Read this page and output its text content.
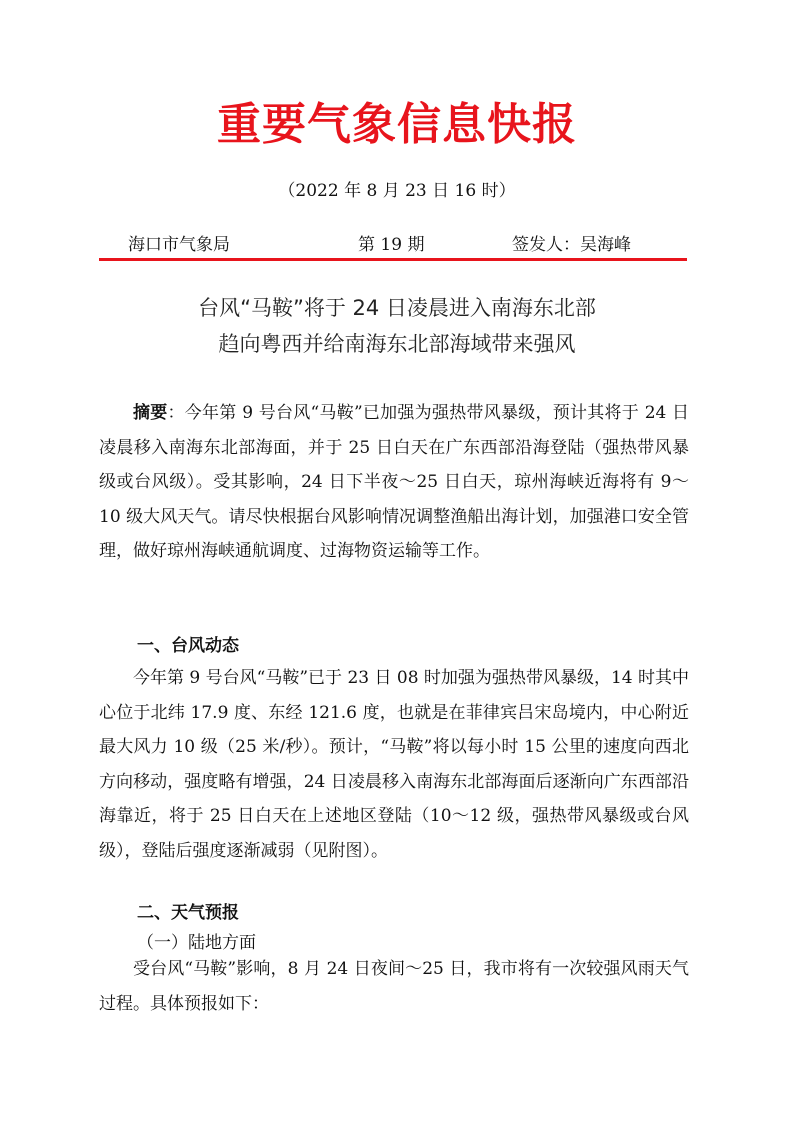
重要气象信息快报
（2022 年 8 月 23 日 16 时）
海口市气象局	第 19 期	签发人：吴海峰
台风“马鞍”将于 24 日凌晨进入南海东北部
趋向粤西并给南海东北部海域带来强风
摘要：今年第 9 号台风“马鞍”已加强为强热带风暴级，预计其将于 24 日凌晨移入南海东北部海面，并于 25 日白天在广东西部沿海登陆（强热带风暴级或台风级）。受其影响，24 日下半夜～25 日白天，琼州海峡近海将有 9～10 级大风天气。请尽快根据台风影响情况调整渔船出海计划，加强港口安全管理，做好琼州海峡通航调度、过海物资运输等工作。
一、台风动态
今年第 9 号台风“马鞍”已于 23 日 08 时加强为强热带风暴级，14 时其中心位于北纬 17.9 度、东经 121.6 度，也就是在菲律宾吕宋岛境内，中心附近最大风力 10 级（25 米/秒）。预计，“马鞍”将以每小时 15 公里的速度向西北方向移动，强度略有增强，24 日凌晨移入南海东北部海面后逐渐向广东西部沿海靠近，将于 25 日白天在上述地区登陆（10～12 级，强热带风暴级或台风级），登陆后强度逐渐减弱（见附图）。
二、天气预报
（一）陆地方面
受台风“马鞍”影响，8 月 24 日夜间～25 日，我市将有一次较强风雨天气过程。具体预报如下：
